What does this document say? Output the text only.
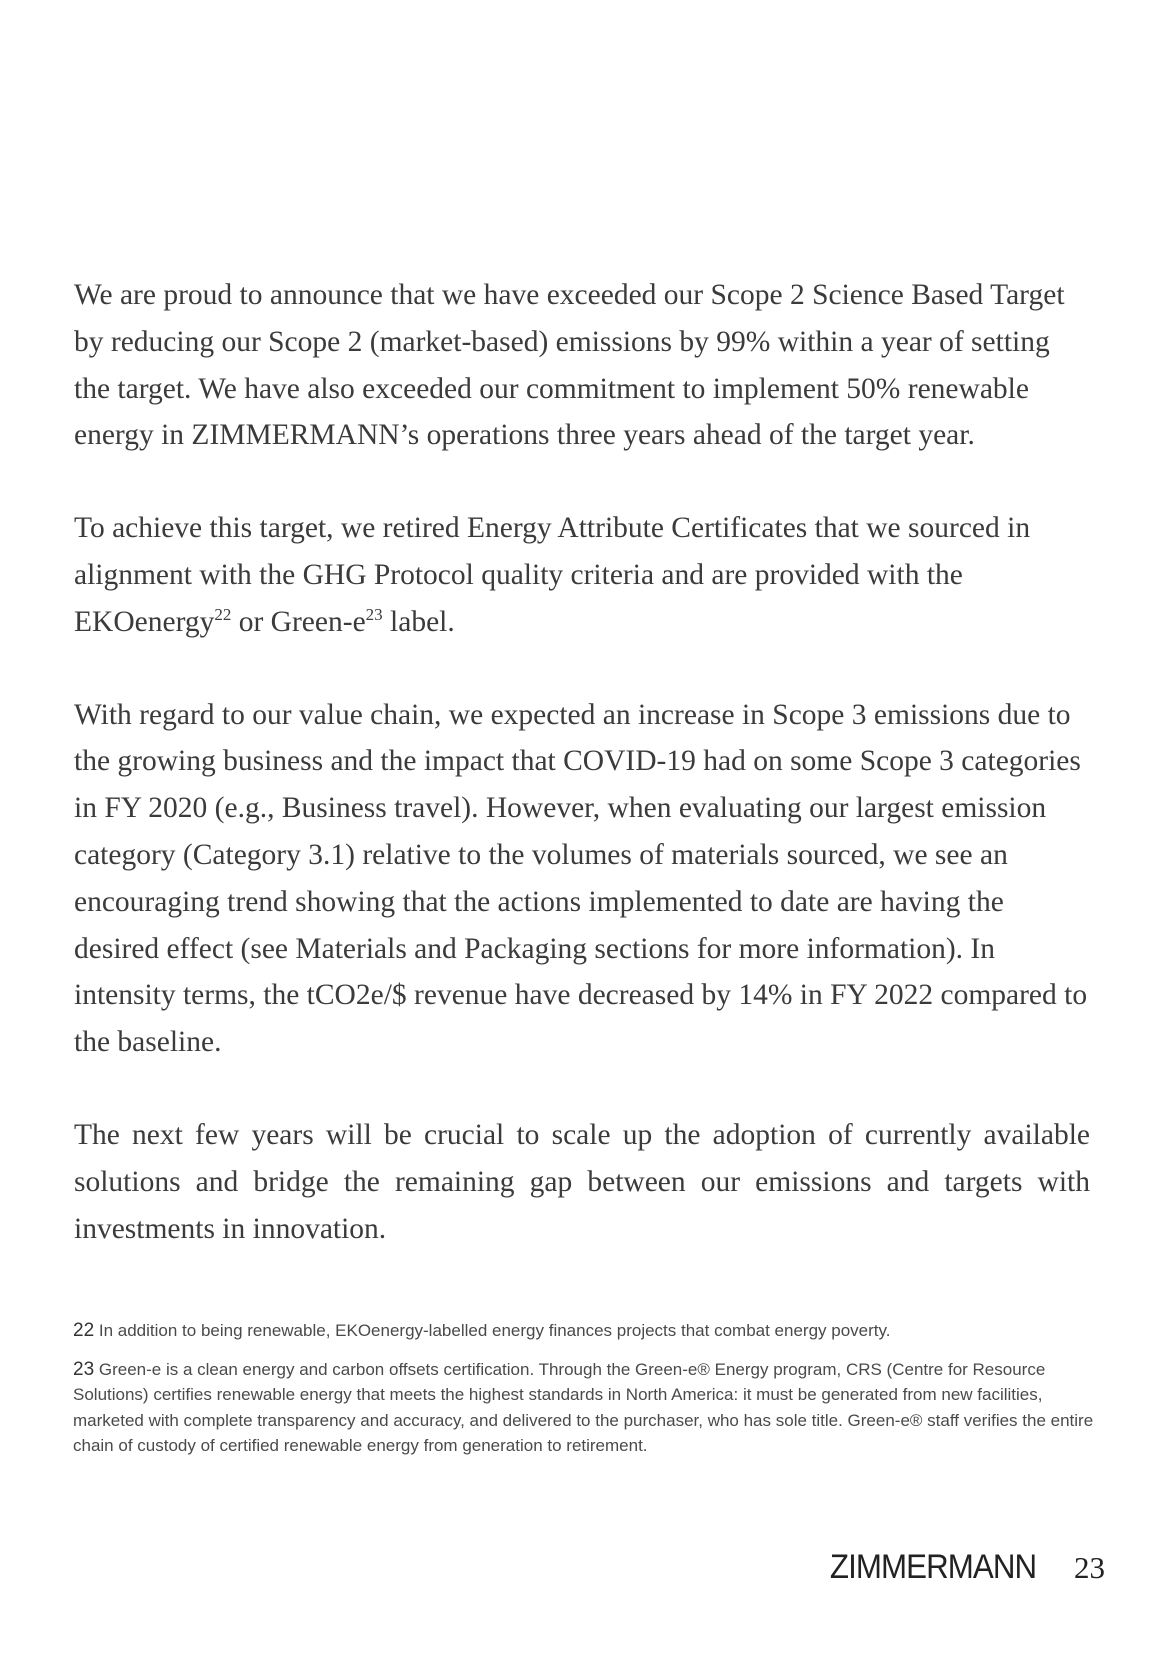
We are proud to announce that we have exceeded our Scope 2 Science Based Target by reducing our Scope 2 (market-based) emissions by 99% within a year of setting the target. We have also exceeded our commitment to implement 50% renewable energy in ZIMMERMANN’s operations three years ahead of the target year.

To achieve this target, we retired Energy Attribute Certificates that we sourced in alignment with the GHG Protocol quality criteria and are provided with the EKOenergy$^{22}$ or Green-$e^{23}$ label.

With regard to our value chain, we expected an increase in Scope 3 emissions due to the growing business and the impact that COVID-19 had on some Scope 3 categories in FY 2020 (e.g., Business travel). However, when evaluating our largest emission category (Category 3.1) relative to the volumes of materials sourced, we see an encouraging trend showing that the actions implemented to date are having the desired effect (see Materials and Packaging sections for more information). In intensity terms, the tCO2e/$ revenue have decreased by 14% in FY 2022 compared to the baseline.

The next few years will be crucial to scale up the adoption of currently available solutions and bridge the remaining gap between our emissions and targets with investments in innovation.

22 In addition to being renewable, EKOenergy-labelled energy finances projects that combat energy poverty.

23 Green-e is a clean energy and carbon offsets certification. Through the Green-e® Energy program, CRS (Centre for Resource Solutions) certifies renewable energy that meets the highest standards in North America: it must be generated from new facilities, marketed with complete transparency and accuracy, and delivered to the purchaser, who has sole title. Green-e® staff verifies the entire chain of custody of certified renewable energy from generation to retirement.

ZIMMERMANN 23
